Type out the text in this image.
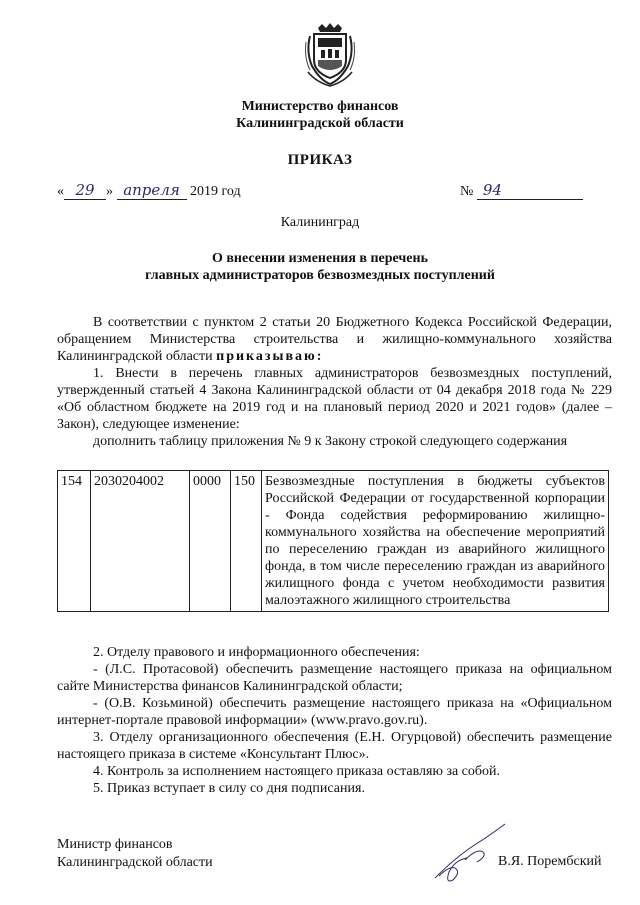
Министерство финансов
Калининградской области
ПРИКАЗ
« 29 » апреля 2019 год	№ 94
Калининград
О внесении изменения в перечень
главных администраторов безвозмездных поступлений
В соответствии с пунктом 2 статьи 20 Бюджетного Кодекса Российской Федерации, обращением Министерства строительства и жилищно-коммунального хозяйства Калининградской области приказываю:
1. Внести в перечень главных администраторов безвозмездных поступлений, утвержденный статьей 4 Закона Калининградской области от 04 декабря 2018 года № 229 «Об областном бюджете на 2019 год и на плановый период 2020 и 2021 годов» (далее – Закон), следующее изменение:
дополнить таблицу приложения № 9 к Закону строкой следующего содержания
154	2030204002	0000	150	Безвозмездные поступления в бюджеты субъектов Российской Федерации от государственной корпорации - Фонда содействия реформированию жилищно-коммунального хозяйства на обеспечение мероприятий по переселению граждан из аварийного жилищного фонда, в том числе переселению граждан из аварийного жилищного фонда с учетом необходимости развития малоэтажного жилищного строительства
2. Отделу правового и информационного обеспечения:
- (Л.С. Протасовой) обеспечить размещение настоящего приказа на официальном сайте Министерства финансов Калининградской области;
- (О.В. Козьминой) обеспечить размещение настоящего приказа на «Официальном интернет-портале правовой информации» (www.pravo.gov.ru).
3. Отделу организационного обеспечения (Е.Н. Огурцовой) обеспечить размещение настоящего приказа в системе «Консультант Плюс».
4. Контроль за исполнением настоящего приказа оставляю за собой.
5. Приказ вступает в силу со дня подписания.
Министр финансов
Калининградской области	В.Я. Порембский
